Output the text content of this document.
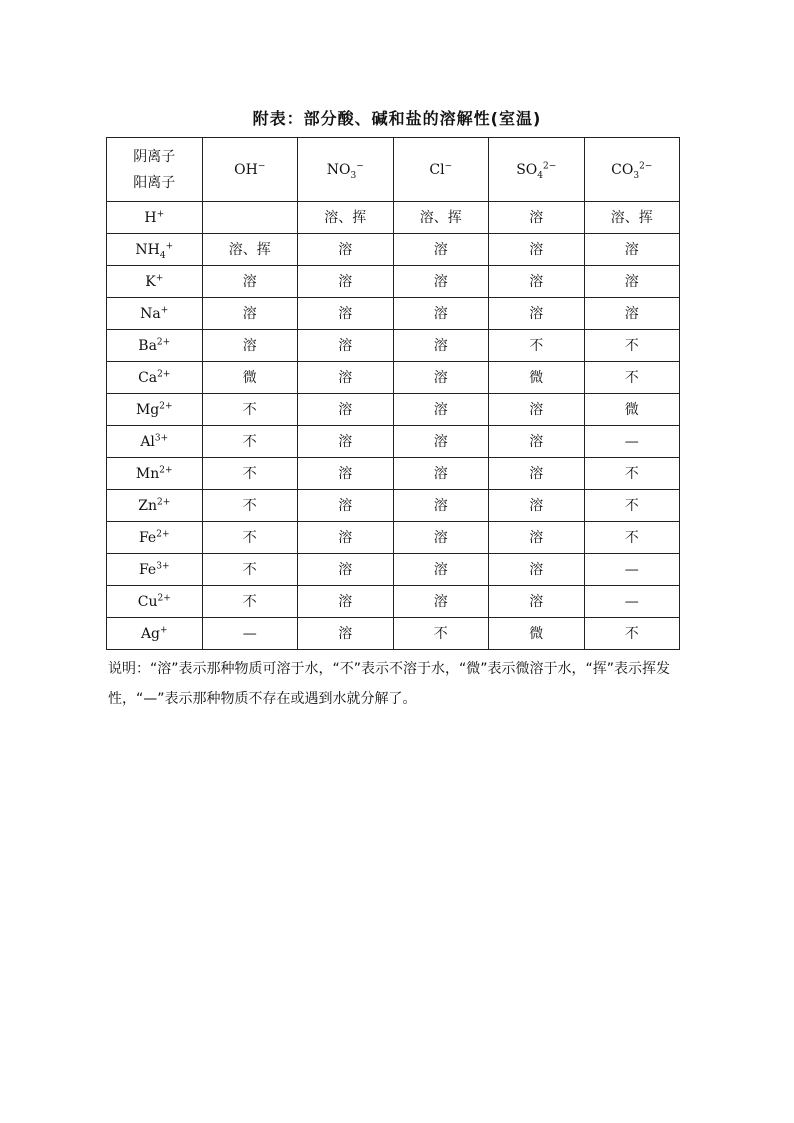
附表：部分酸、碱和盐的溶解性(室温)
阴离子
阳离子	OH−	$NO_3^-$	Cl−	$SO_4^{2-}$	$CO_3^{2-}$
H+		溶、挥	溶、挥	溶	溶、挥
$NH_4^+$	溶、挥	溶	溶	溶	溶
K+	溶	溶	溶	溶	溶
Na+	溶	溶	溶	溶	溶
$Ba^{2+}$	溶	溶	溶	不	不
$Ca^{2+}$	微	溶	溶	微	不
$Mg^{2+}$	不	溶	溶	溶	微
$Al^{3+}$	不	溶	溶	溶	—
$Mn^{2+}$	不	溶	溶	溶	不
$Zn^{2+}$	不	溶	溶	溶	不
$Fe^{2+}$	不	溶	溶	溶	不
$Fe^{3+}$	不	溶	溶	溶	—
$Cu^{2+}$	不	溶	溶	溶	—
Ag+	—	溶	不	微	不
说明：“溶”表示那种物质可溶于水，“不”表示不溶于水，“微”表示微溶于水，“挥”表示挥发性，“—”表示那种物质不存在或遇到水就分解了。
